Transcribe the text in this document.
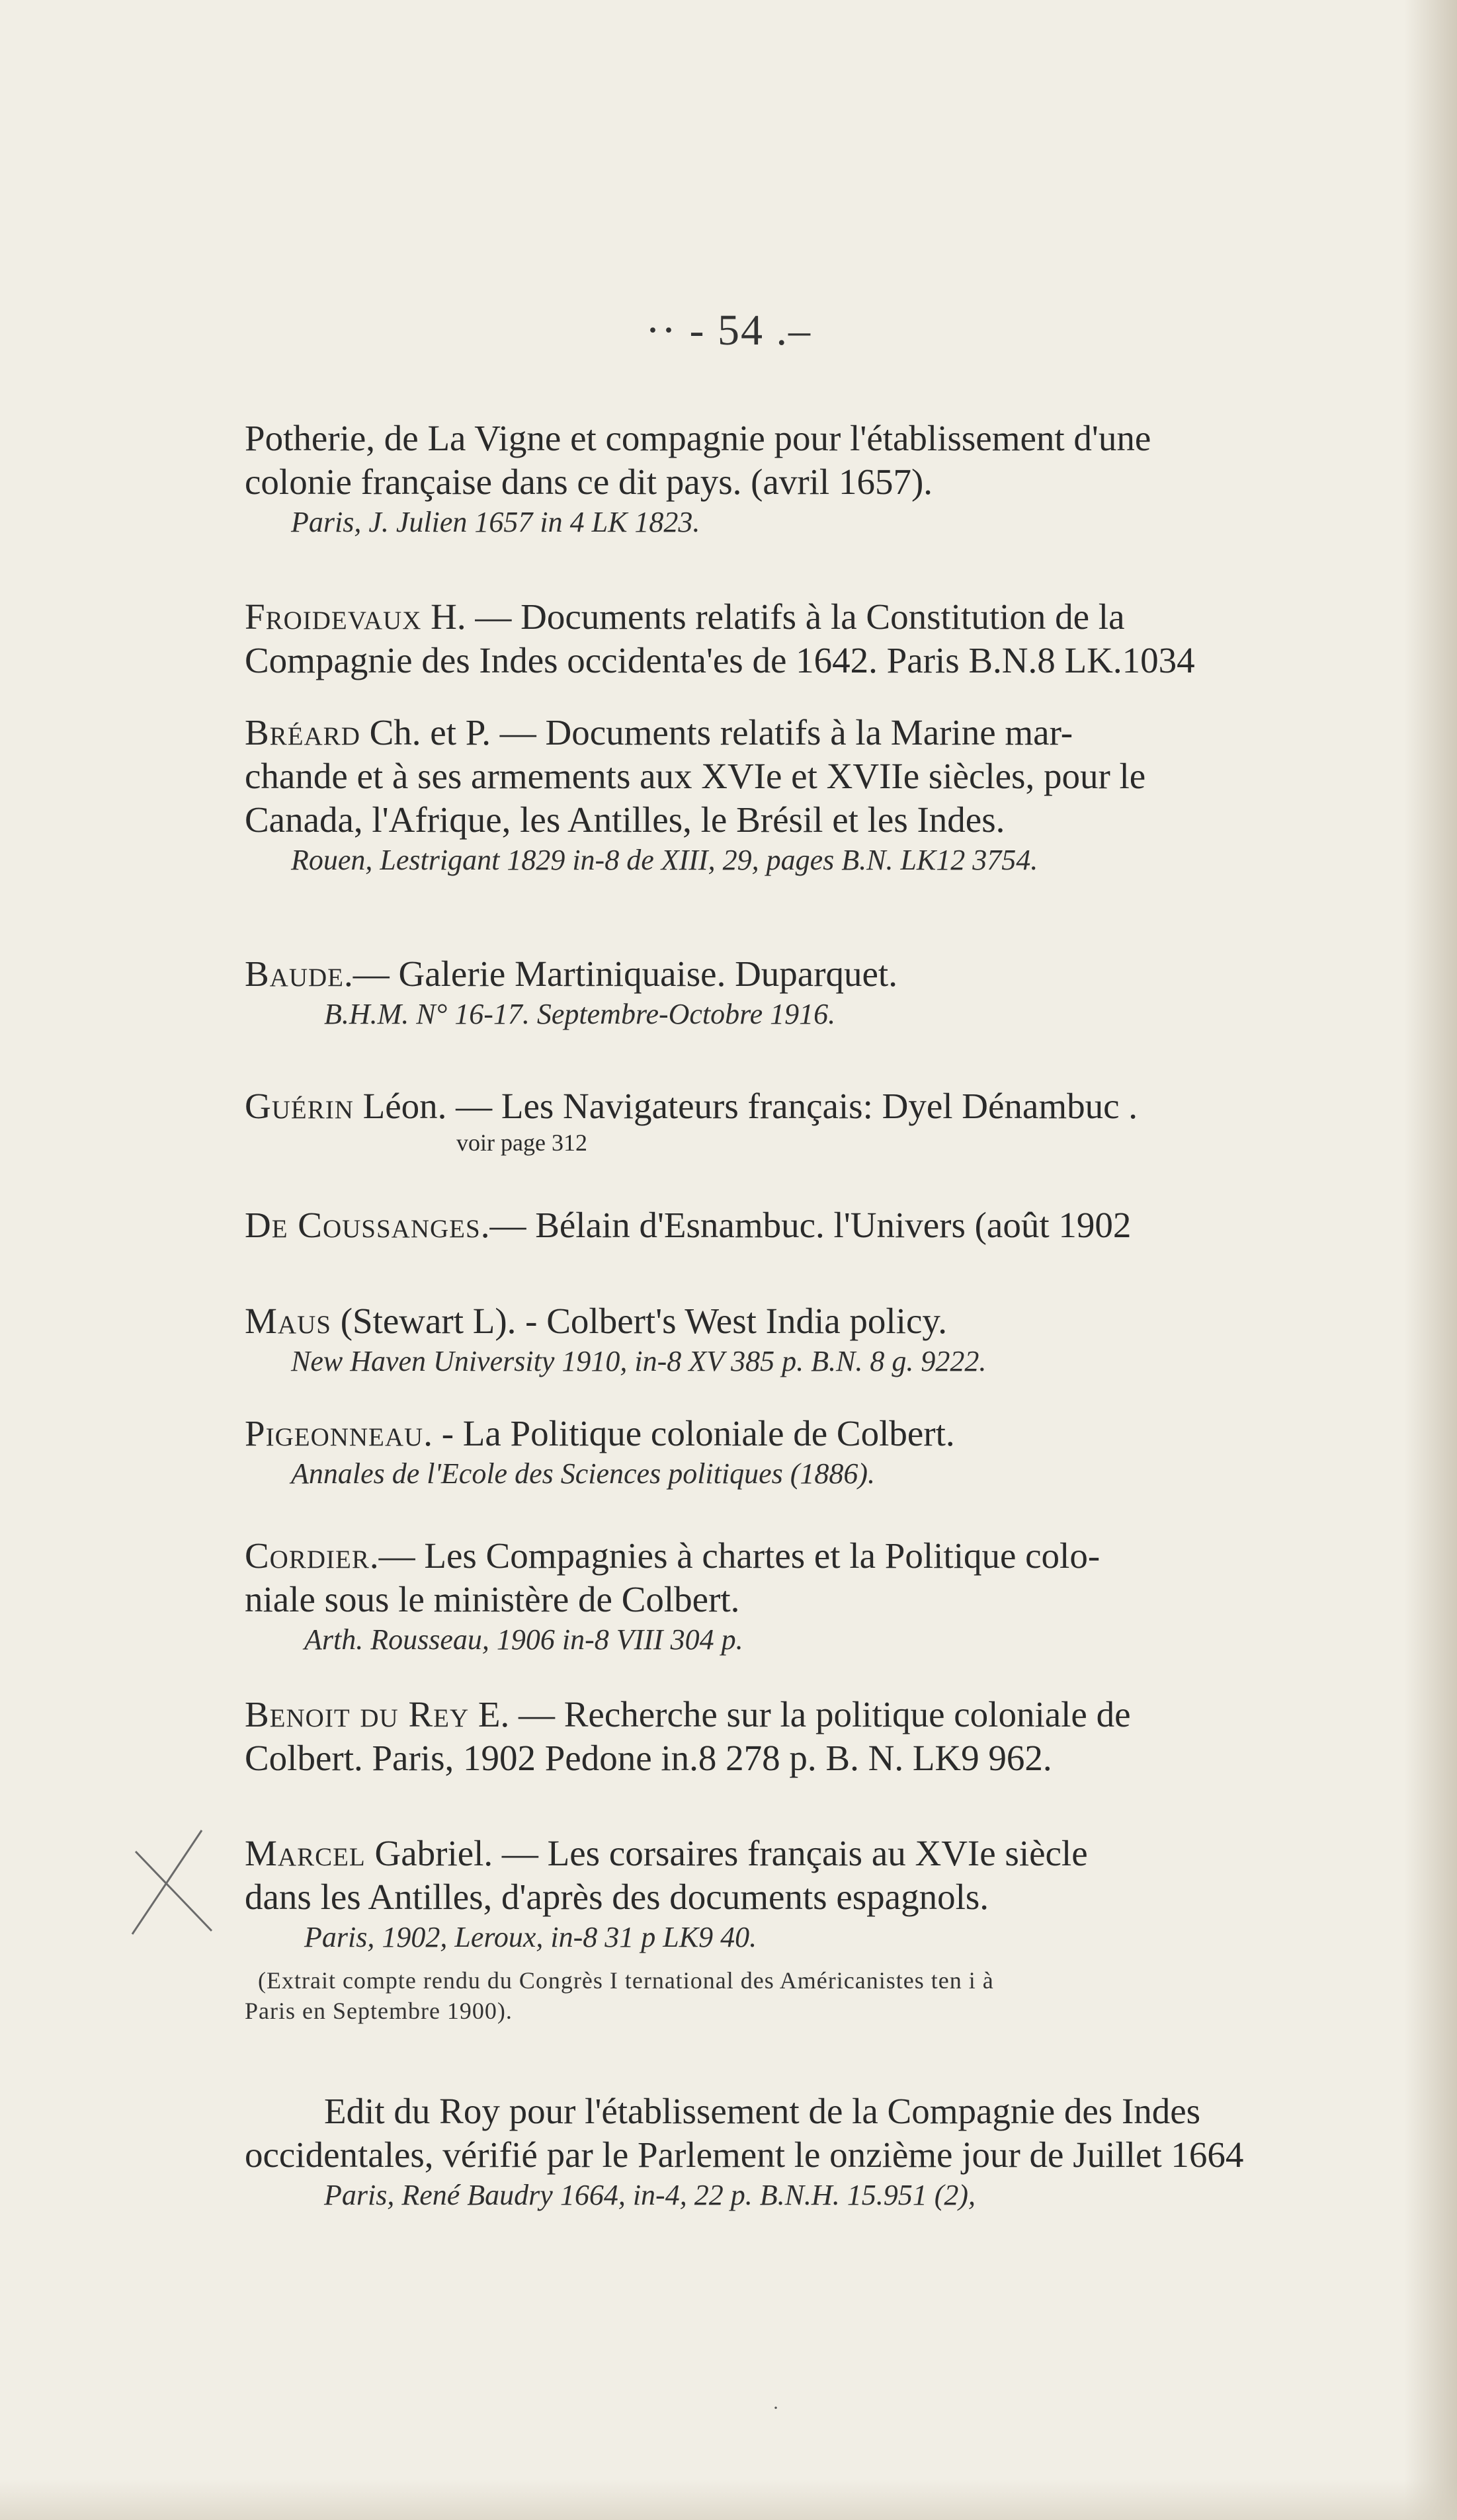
·· - 54 .–
Potherie, de La Vigne et compagnie pour l'établissement d'une
colonie française dans ce dit pays. (avril 1657).
Paris, J. Julien 1657 in 4 LK 1823.
Froidevaux H. — Documents relatifs à la Constitution de la
Compagnie des Indes occidenta'es de 1642. Paris B.N.8 LK.1034
Bréard Ch. et P. — Documents relatifs à la Marine mar-
chande et à ses armements aux XVIe et XVIIe siècles, pour le
Canada, l'Afrique, les Antilles, le Brésil et les Indes.
Rouen, Lestrigant 1829 in-8 de XIII, 29, pages B.N. LK12 3754.
Baude.— Galerie Martiniquaise. Duparquet.
B.H.M. N° 16-17. Septembre-Octobre 1916.
Guérin Léon. — Les Navigateurs français: Dyel Dénambuc .
voir page 312
De Coussanges.— Bélain d'Esnambuc. l'Univers (août 1902
Maus (Stewart L). - Colbert's West India policy.
New Haven University 1910, in-8 XV 385 p. B.N. 8 g. 9222.
Pigeonneau. - La Politique coloniale de Colbert.
Annales de l'Ecole des Sciences politiques (1886).
Cordier.— Les Compagnies à chartes et la Politique colo-
niale sous le ministère de Colbert.
Arth. Rousseau, 1906 in-8 VIII 304 p.
Benoit du Rey E. — Recherche sur la politique coloniale de
Colbert. Paris, 1902 Pedone in.8 278 p. B. N. LK9 962.
X
Marcel Gabriel. — Les corsaires français au XVIe siècle
dans les Antilles, d'après des documents espagnols.
Paris, 1902, Leroux, in-8 31 p LK9 40.
(Extrait compte rendu du Congrès I ternational des Américanistes ten i à
Paris en Septembre 1900).
Edit du Roy pour l'établissement de la Compagnie des Indes
occidentales, vérifié par le Parlement le onzième jour de Juillet 1664
Paris, René Baudry 1664, in-4, 22 p. B.N.H. 15.951 (2),
·
